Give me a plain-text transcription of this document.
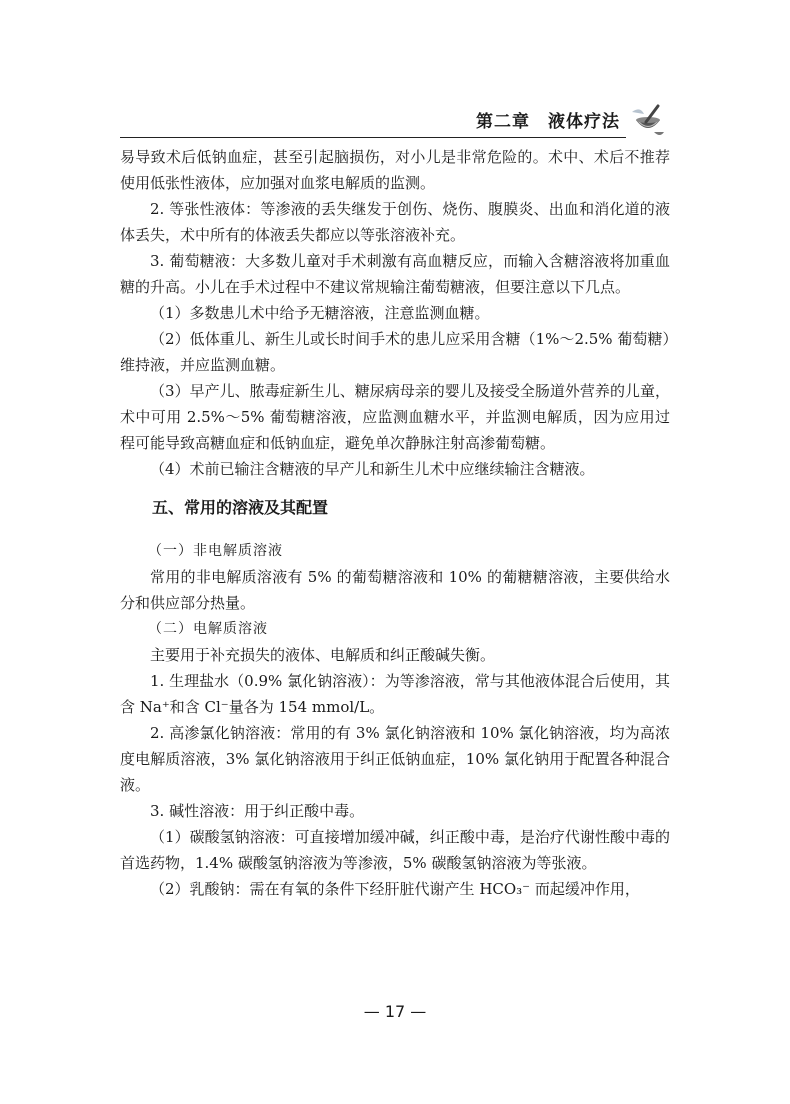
第二章　液体疗法

易导致术后低钠血症，甚至引起脑损伤，对小儿是非常危险的。术中、术后不推荐使用低张性液体，应加强对血浆电解质的监测。

2. 等张性液体：等渗液的丢失继发于创伤、烧伤、腹膜炎、出血和消化道的液体丢失，术中所有的体液丢失都应以等张溶液补充。

3. 葡萄糖液：大多数儿童对手术刺激有高血糖反应，而输入含糖溶液将加重血糖的升高。小儿在手术过程中不建议常规输注葡萄糖液，但要注意以下几点。

（1）多数患儿术中给予无糖溶液，注意监测血糖。

（2）低体重儿、新生儿或长时间手术的患儿应采用含糖（1%～2.5% 葡萄糖）维持液，并应监测血糖。

（3）早产儿、脓毒症新生儿、糖尿病母亲的婴儿及接受全肠道外营养的儿童，术中可用 2.5%～5% 葡萄糖溶液，应监测血糖水平，并监测电解质，因为应用过程可能导致高糖血症和低钠血症，避免单次静脉注射高渗葡萄糖。

（4）术前已输注含糖液的早产儿和新生儿术中应继续输注含糖液。

五、常用的溶液及其配置

（一）非电解质溶液

常用的非电解质溶液有 5% 的葡萄糖溶液和 10% 的葡糖糖溶液，主要供给水分和供应部分热量。

（二）电解质溶液

主要用于补充损失的液体、电解质和纠正酸碱失衡。

1. 生理盐水（0.9% 氯化钠溶液）：为等渗溶液，常与其他液体混合后使用，其含 Na⁺和含 Cl⁻量各为 154 mmol/L。

2. 高渗氯化钠溶液：常用的有 3% 氯化钠溶液和 10% 氯化钠溶液，均为高浓度电解质溶液，3% 氯化钠溶液用于纠正低钠血症，10% 氯化钠用于配置各种混合液。

3. 碱性溶液：用于纠正酸中毒。

（1）碳酸氢钠溶液：可直接增加缓冲碱，纠正酸中毒，是治疗代谢性酸中毒的首选药物，1.4% 碳酸氢钠溶液为等渗液，5% 碳酸氢钠溶液为等张液。

（2）乳酸钠：需在有氧的条件下经肝脏代谢产生 HCO₃⁻ 而起缓冲作用，

— 17 —
